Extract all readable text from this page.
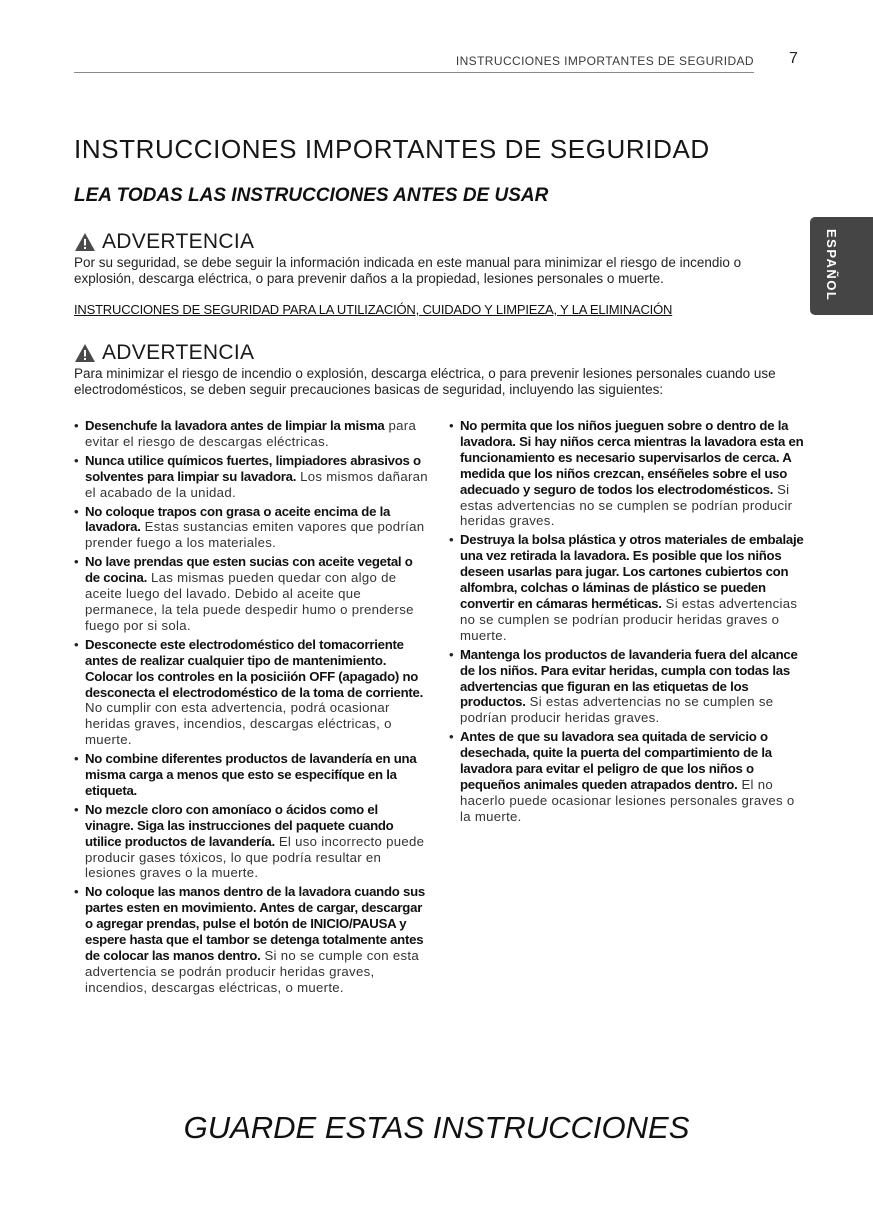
INSTRUCCIONES IMPORTANTES DE SEGURIDAD 7
ESPAÑOL
INSTRUCCIONES IMPORTANTES DE SEGURIDAD
LEA TODAS LAS INSTRUCCIONES ANTES DE USAR
ADVERTENCIA
Por su seguridad, se debe seguir la información indicada en este manual para minimizar el riesgo de incendio o explosión, descarga eléctrica, o para prevenir daños a la propiedad, lesiones personales o muerte.
INSTRUCCIONES DE SEGURIDAD PARA LA UTILIZACIÓN, CUIDADO Y LIMPIEZA, Y LA ELIMINACIÓN
ADVERTENCIA
Para minimizar el riesgo de incendio o explosión, descarga eléctrica, o para prevenir lesiones personales cuando use electrodomésticos, se deben seguir precauciones basicas de seguridad, incluyendo las siguientes:
• Desenchufe la lavadora antes de limpiar la misma para evitar el riesgo de descargas eléctricas.
• Nunca utilice químicos fuertes, limpiadores abrasivos o solventes para limpiar su lavadora. Los mismos dañaran el acabado de la unidad.
• No coloque trapos con grasa o aceite encima de la lavadora. Estas sustancias emiten vapores que podrían prender fuego a los materiales.
• No lave prendas que esten sucias con aceite vegetal o de cocina. Las mismas pueden quedar con algo de aceite luego del lavado. Debido al aceite que permanece, la tela puede despedir humo o prenderse fuego por si sola.
• Desconecte este electrodoméstico del tomacorriente antes de realizar cualquier tipo de mantenimiento. Colocar los controles en la posiciión OFF (apagado) no desconecta el electrodoméstico de la toma de corriente. No cumplir con esta advertencia, podrá ocasionar heridas graves, incendios, descargas eléctricas, o muerte.
• No combine diferentes productos de lavandería en una misma carga a menos que esto se especifíque en la etiqueta.
• No mezcle cloro con amoníaco o ácidos como el vinagre. Siga las instrucciones del paquete cuando utilice productos de lavandería. El uso incorrecto puede producir gases tóxicos, lo que podría resultar en lesiones graves o la muerte.
• No coloque las manos dentro de la lavadora cuando sus partes esten en movimiento. Antes de cargar, descargar o agregar prendas, pulse el botón de INICIO/PAUSA y espere hasta que el tambor se detenga totalmente antes de colocar las manos dentro. Si no se cumple con esta advertencia se podrán producir heridas graves, incendios, descargas eléctricas, o muerte.
• No permita que los niños jueguen sobre o dentro de la lavadora. Si hay niños cerca mientras la lavadora esta en funcionamiento es necesario supervisarlos de cerca. A medida que los niños crezcan, enséñeles sobre el uso adecuado y seguro de todos los electrodomésticos. Si estas advertencias no se cumplen se podrían producir heridas graves.
• Destruya la bolsa plástica y otros materiales de embalaje una vez retirada la lavadora. Es posible que los niños deseen usarlas para jugar. Los cartones cubiertos con alfombra, colchas o láminas de plástico se pueden convertir en cámaras herméticas. Si estas advertencias no se cumplen se podrían producir heridas graves o muerte.
• Mantenga los productos de lavanderia fuera del alcance de los niños. Para evitar heridas, cumpla con todas las advertencias que figuran en las etiquetas de los productos. Si estas advertencias no se cumplen se podrían producir heridas graves.
• Antes de que su lavadora sea quitada de servicio o desechada, quite la puerta del compartimiento de la lavadora para evitar el peligro de que los niños o pequeños animales queden atrapados dentro. El no hacerlo puede ocasionar lesiones personales graves o la muerte.
GUARDE ESTAS INSTRUCCIONES
